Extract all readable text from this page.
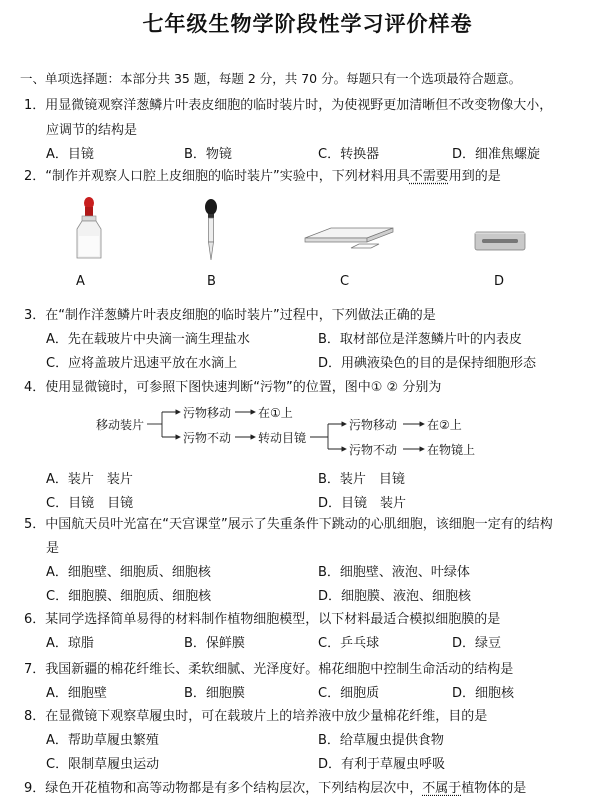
七年级生物学阶段性学习评价样卷
一、单项选择题：本部分共 35 题，每题 2 分，共 70 分。每题只有一个选项最符合题意。
1．用显微镜观察洋葱鳞片叶表皮细胞的临时装片时，为使视野更加清晰但不改变物像大小，
应调节的结构是
A．目镜	B．物镜	C．转换器	D．细准焦螺旋
2．“制作并观察人口腔上皮细胞的临时装片”实验中，下列材料用具不需要用到的是
A	B	C	D
3．在“制作洋葱鳞片叶表皮细胞的临时装片”过程中，下列做法正确的是
A．先在载玻片中央滴一滴生理盐水	B．取材部位是洋葱鳞片叶的内表皮
C．应将盖玻片迅速平放在水滴上	D．用碘液染色的目的是保持细胞形态
4．使用显微镜时，可参照下图快速判断“污物”的位置，图中① ② 分别为
移动装片
污物移动 在①上
污物不动 转动目镜
污物移动 在②上
污物不动 在物镜上
A．装片　装片	B．装片　目镜
C．目镜　目镜	D．目镜　装片
5．中国航天员叶光富在“天宫课堂”展示了失重条件下跳动的心肌细胞，该细胞一定有的结构
是
A．细胞壁、细胞质、细胞核	B．细胞壁、液泡、叶绿体
C．细胞膜、细胞质、细胞核	D．细胞膜、液泡、细胞核
6．某同学选择简单易得的材料制作植物细胞模型，以下材料最适合模拟细胞膜的是
A．琼脂	B．保鲜膜	C．乒乓球	D．绿豆
7．我国新疆的棉花纤维长、柔软细腻、光泽度好。棉花细胞中控制生命活动的结构是
A．细胞壁	B．细胞膜	C．细胞质	D．细胞核
8．在显微镜下观察草履虫时，可在载玻片上的培养液中放少量棉花纤维，目的是
A．帮助草履虫繁殖	B．给草履虫提供食物
C．限制草履虫运动	D．有利于草履虫呼吸
9．绿色开花植物和高等动物都是有多个结构层次，下列结构层次中，不属于植物体的是
